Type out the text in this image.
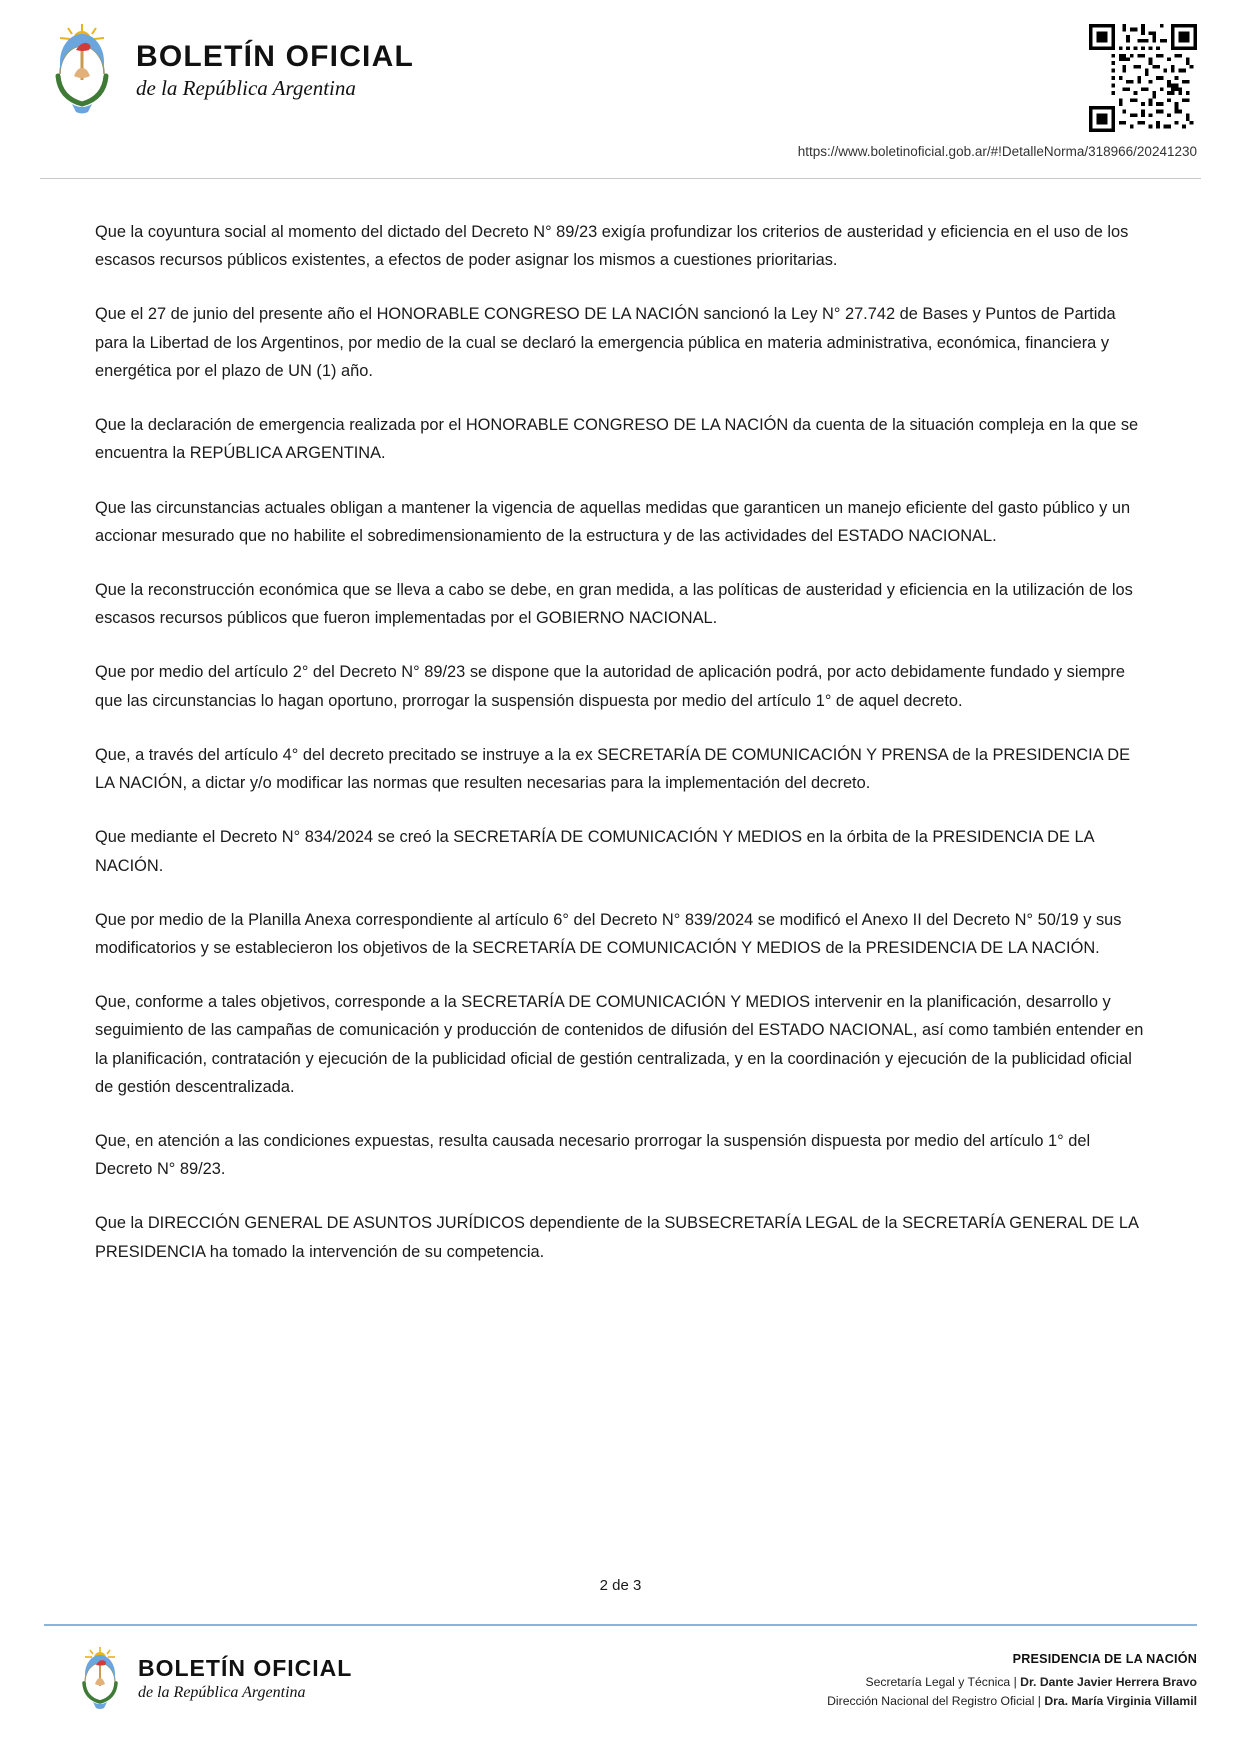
BOLETÍN OFICIAL
de la República Argentina
https://www.boletinoficial.gob.ar/#!DetalleNorma/318966/20241230

Que la coyuntura social al momento del dictado del Decreto N° 89/23 exigía profundizar los criterios de austeridad y eficiencia en el uso de los escasos recursos públicos existentes, a efectos de poder asignar los mismos a cuestiones prioritarias.

Que el 27 de junio del presente año el HONORABLE CONGRESO DE LA NACIÓN sancionó la Ley N° 27.742 de Bases y Puntos de Partida para la Libertad de los Argentinos, por medio de la cual se declaró la emergencia pública en materia administrativa, económica, financiera y energética por el plazo de UN (1) año.

Que la declaración de emergencia realizada por el HONORABLE CONGRESO DE LA NACIÓN da cuenta de la situación compleja en la que se encuentra la REPÚBLICA ARGENTINA.

Que las circunstancias actuales obligan a mantener la vigencia de aquellas medidas que garanticen un manejo eficiente del gasto público y un accionar mesurado que no habilite el sobredimensionamiento de la estructura y de las actividades del ESTADO NACIONAL.

Que la reconstrucción económica que se lleva a cabo se debe, en gran medida, a las políticas de austeridad y eficiencia en la utilización de los escasos recursos públicos que fueron implementadas por el GOBIERNO NACIONAL.

Que por medio del artículo 2° del Decreto N° 89/23 se dispone que la autoridad de aplicación podrá, por acto debidamente fundado y siempre que las circunstancias lo hagan oportuno, prorrogar la suspensión dispuesta por medio del artículo 1° de aquel decreto.

Que, a través del artículo 4° del decreto precitado se instruye a la ex SECRETARÍA DE COMUNICACIÓN Y PRENSA de la PRESIDENCIA DE LA NACIÓN, a dictar y/o modificar las normas que resulten necesarias para la implementación del decreto.

Que mediante el Decreto N° 834/2024 se creó la SECRETARÍA DE COMUNICACIÓN Y MEDIOS en la órbita de la PRESIDENCIA DE LA NACIÓN.

Que por medio de la Planilla Anexa correspondiente al artículo 6° del Decreto N° 839/2024 se modificó el Anexo II del Decreto N° 50/19 y sus modificatorios y se establecieron los objetivos de la SECRETARÍA DE COMUNICACIÓN Y MEDIOS de la PRESIDENCIA DE LA NACIÓN.

Que, conforme a tales objetivos, corresponde a la SECRETARÍA DE COMUNICACIÓN Y MEDIOS intervenir en la planificación, desarrollo y seguimiento de las campañas de comunicación y producción de contenidos de difusión del ESTADO NACIONAL, así como también entender en la planificación, contratación y ejecución de la publicidad oficial de gestión centralizada, y en la coordinación y ejecución de la publicidad oficial de gestión descentralizada.

Que, en atención a las condiciones expuestas, resulta causada necesario prorrogar la suspensión dispuesta por medio del artículo 1° del Decreto N° 89/23.

Que la DIRECCIÓN GENERAL DE ASUNTOS JURÍDICOS dependiente de la SUBSECRETARÍA LEGAL de la SECRETARÍA GENERAL DE LA PRESIDENCIA ha tomado la intervención de su competencia.

2 de 3
BOLETÍN OFICIAL
de la República Argentina
PRESIDENCIA DE LA NACIÓN
Secretaría Legal y Técnica | Dr. Dante Javier Herrera Bravo
Dirección Nacional del Registro Oficial | Dra. María Virginia Villamil
